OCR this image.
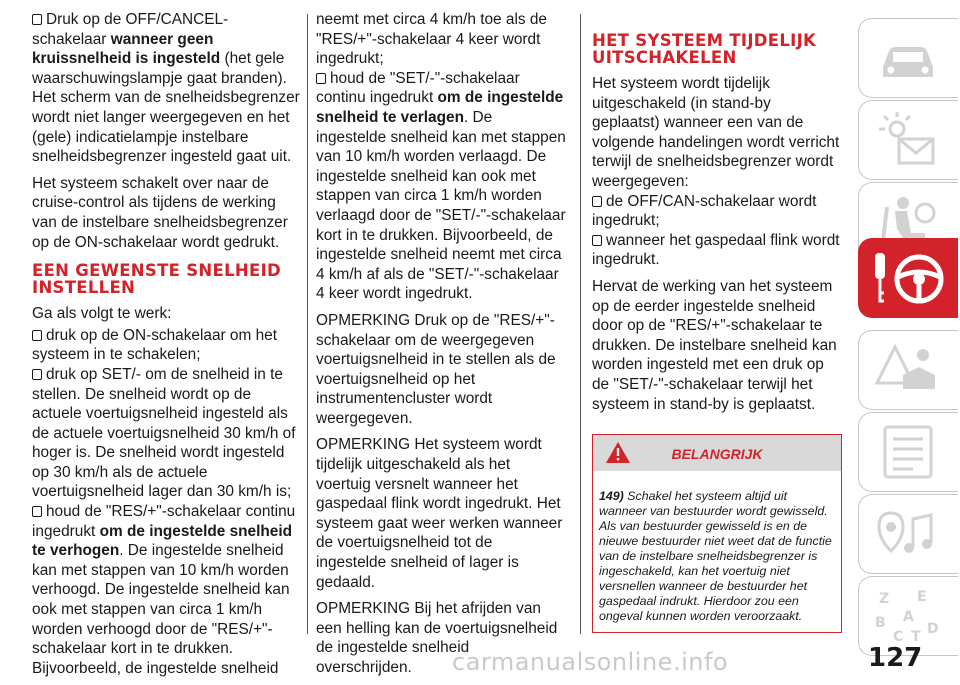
Druk op de OFF/CANCEL-schakelaar wanneer geen kruissnelheid is ingesteld (het gele waarschuwingslampje gaat branden). Het scherm van de snelheidsbegrenzer wordt niet langer weergegeven en het (gele) indicatielampje instelbare snelheidsbegrenzer ingesteld gaat uit.

Het systeem schakelt over naar de cruise-control als tijdens de werking van de instelbare snelheidsbegrenzer op de ON-schakelaar wordt gedrukt.

EEN GEWENSTE SNELHEID INSTELLEN

Ga als volgt te werk:

druk op de ON-schakelaar om het systeem in te schakelen;
druk op SET/- om de snelheid in te stellen. De snelheid wordt op de actuele voertuigsnelheid ingesteld als de actuele voertuigsnelheid 30 km/h of hoger is. De snelheid wordt ingesteld op 30 km/h als de actuele voertuigsnelheid lager dan 30 km/h is;
houd de "RES/+"-schakelaar continu ingedrukt om de ingestelde snelheid te verhogen. De ingestelde snelheid kan met stappen van 10 km/h worden verhoogd. De ingestelde snelheid kan ook met stappen van circa 1 km/h worden verhoogd door de "RES/+"-schakelaar kort in te drukken. Bijvoorbeeld, de ingestelde snelheid
neemt met circa 4 km/h toe als de "RES/+"-schakelaar 4 keer wordt ingedrukt;

houd de "SET/-"-schakelaar continu ingedrukt om de ingestelde snelheid te verlagen. De ingestelde snelheid kan met stappen van 10 km/h worden verlaagd. De ingestelde snelheid kan ook met stappen van circa 1 km/h worden verlaagd door de "SET/-"-schakelaar kort in te drukken. Bijvoorbeeld, de ingestelde snelheid neemt met circa 4 km/h af als de "SET/-"-schakelaar 4 keer wordt ingedrukt.

OPMERKING Druk op de "RES/+"-schakelaar om de weergegeven voertuigsnelheid in te stellen als de voertuigsnelheid op het instrumentencluster wordt weergegeven.

OPMERKING Het systeem wordt tijdelijk uitgeschakeld als het voertuig versnelt wanneer het gaspedaal flink wordt ingedrukt. Het systeem gaat weer werken wanneer de voertuigsnelheid tot de ingestelde snelheid of lager is gedaald.

OPMERKING Bij het afrijden van een helling kan de voertuigsnelheid de ingestelde snelheid overschrijden.

HET SYSTEEM TIJDELIJK UITSCHAKELEN
Het systeem wordt tijdelijk uitgeschakeld (in stand-by geplaatst) wanneer een van de volgende handelingen wordt verricht terwijl de snelheidsbegrenzer wordt weergegeven:
de OFF/CAN-schakelaar wordt ingedrukt;

wanneer het gaspedaal flink wordt ingedrukt.

Hervat de werking van het systeem op de eerder ingestelde snelheid door op de "RES/+"-schakelaar te drukken. De instelbare snelheid kan worden ingesteld met een druk op de "SET/-"-schakelaar terwijl het systeem in stand-by is geplaatst.

BELANGRIJK
149) Schakel het systeem altijd uit wanneer van bestuurder wordt gewisseld. Als van bestuurder gewisseld is en de nieuwe bestuurder niet weet dat de functie van de instelbare snelheidsbegrenzer is ingeschakeld, kan het voertuig niet versnellen wanneer de bestuurder het gaspedaal indrukt. Hierdoor zou een ongeval kunnen worden veroorzaakt.
Z E
B A
C T D
carmanualsonline.info	127
